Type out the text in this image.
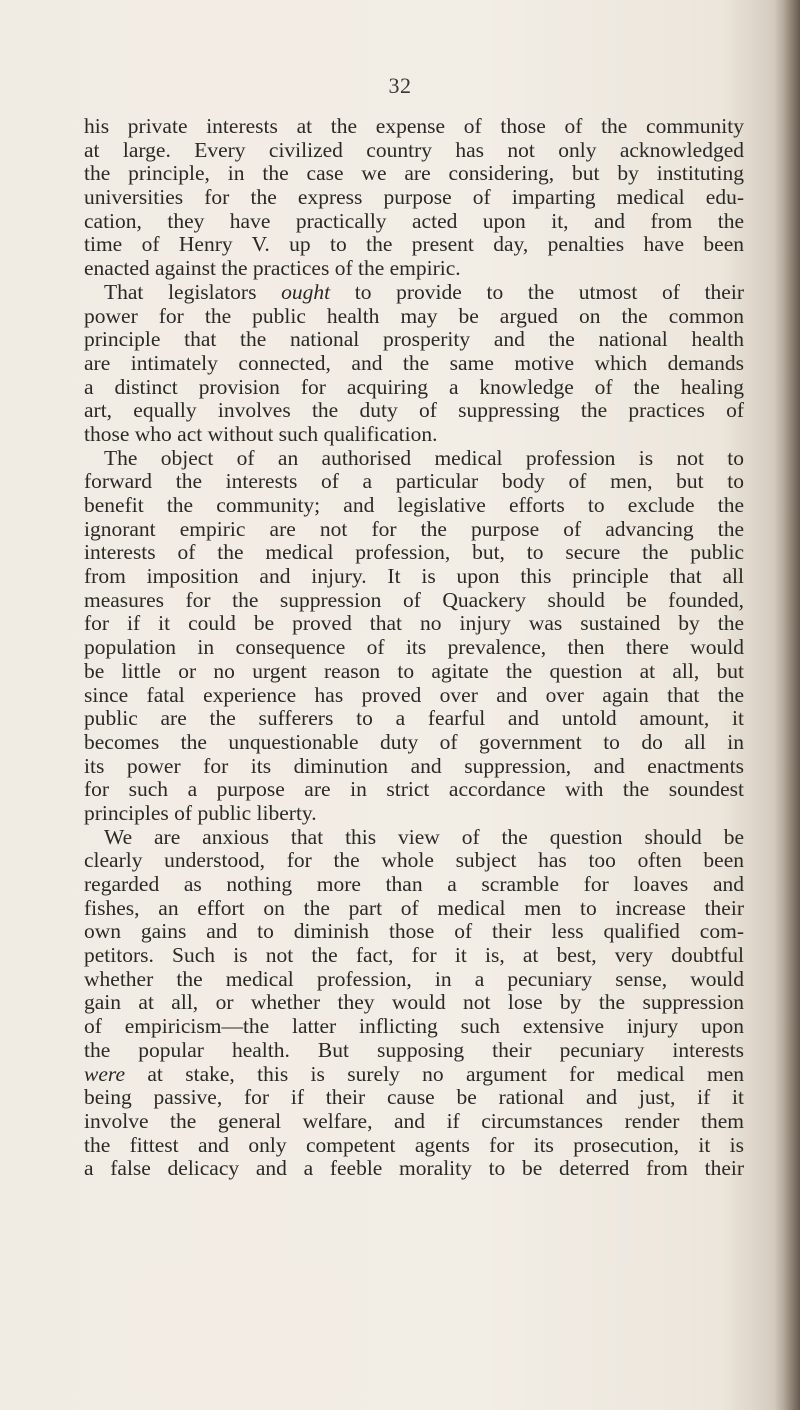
32
his private interests at the expense of those of the community
at large. Every civilized country has not only acknowledged
the principle, in the case we are considering, but by instituting
universities for the express purpose of imparting medical edu-
cation, they have practically acted upon it, and from the
time of Henry V. up to the present day, penalties have been
enacted against the practices of the empiric.
That legislators ought to provide to the utmost of their
power for the public health may be argued on the common
principle that the national prosperity and the national health
are intimately connected, and the same motive which demands
a distinct provision for acquiring a knowledge of the healing
art, equally involves the duty of suppressing the practices of
those who act without such qualification.
The object of an authorised medical profession is not to
forward the interests of a particular body of men, but to
benefit the community; and legislative efforts to exclude the
ignorant empiric are not for the purpose of advancing the
interests of the medical profession, but, to secure the public
from imposition and injury. It is upon this principle that all
measures for the suppression of Quackery should be founded,
for if it could be proved that no injury was sustained by the
population in consequence of its prevalence, then there would
be little or no urgent reason to agitate the question at all, but
since fatal experience has proved over and over again that the
public are the sufferers to a fearful and untold amount, it
becomes the unquestionable duty of government to do all in
its power for its diminution and suppression, and enactments
for such a purpose are in strict accordance with the soundest
principles of public liberty.
We are anxious that this view of the question should be
clearly understood, for the whole subject has too often been
regarded as nothing more than a scramble for loaves and
fishes, an effort on the part of medical men to increase their
own gains and to diminish those of their less qualified com-
petitors. Such is not the fact, for it is, at best, very doubtful
whether the medical profession, in a pecuniary sense, would
gain at all, or whether they would not lose by the suppression
of empiricism—the latter inflicting such extensive injury upon
the popular health. But supposing their pecuniary interests
were at stake, this is surely no argument for medical men
being passive, for if their cause be rational and just, if it
involve the general welfare, and if circumstances render them
the fittest and only competent agents for its prosecution, it is
a false delicacy and a feeble morality to be deterred from their
